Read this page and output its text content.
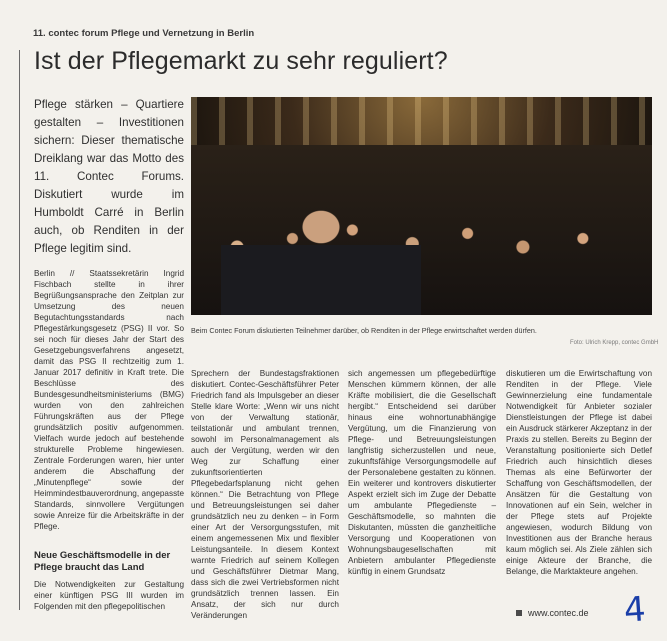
11. contec forum Pflege und Vernetzung in Berlin
Ist der Pflegemarkt zu sehr reguliert?
Pflege stärken – Quartiere gestalten – Investitionen sichern: Dieser thematische Dreiklang war das Motto des 11. Contec Forums. Diskutiert wurde im Humboldt Carré in Berlin auch, ob Renditen in der Pflege legitim sind.
Beim Contec Forum diskutierten Teilnehmer darüber, ob Renditen in der Pflege erwirtschaftet werden dürfen.
Foto: Ulrich Krepp, contec GmbH
Berlin // Staatssekretärin Ingrid Fischbach stellte in ihrer Begrüßungsansprache den Zeitplan zur Umsetzung des neuen Begutachtungsstandards nach Pflegestärkungsgesetz (PSG) II vor. So sei noch für dieses Jahr der Start des Gesetzgebungsverfahrens angesetzt, damit das PSG II rechtzeitig zum 1. Januar 2017 definitiv in Kraft trete. Die Beschlüsse des Bundesgesundheitsministeriums (BMG) wurden von den zahlreichen Führungskräften aus der Pflege grundsätzlich positiv aufgenommen. Vielfach wurde jedoch auf bestehende strukturelle Probleme hingewiesen. Zentrale Forderungen waren, hier unter anderem die Abschaffung der „Minutenpflege“ sowie der Heimmindestbauverordnung, angepasste Standards, sinnvollere Vergütungen sowie Anreize für die Arbeitskräfte in der Pflege.
Neue Geschäftsmodelle in der Pflege braucht das Land
Die Notwendigkeiten zur Gestaltung einer künftigen PSG III wurden im Folgenden mit den pflegepolitischen
Sprechern der Bundestagsfraktionen diskutiert. Contec-Geschäftsführer Peter Friedrich fand als Impulsgeber an dieser Stelle klare Worte: „Wenn wir uns nicht von der Verwaltung stationär, teilstationär und ambulant trennen, sowohl im Personalmanagement als auch der Vergütung, werden wir den Weg zur Schaffung einer zukunftsorientierten Pflegebedarfsplanung nicht gehen können.“ Die Betrachtung von Pflege und Betreuungsleistungen sei daher grundsätzlich neu zu denken – in Form einer Art der Versorgungsstufen, mit einem angemessenen Mix und flexibler Leistungsanteile. In diesem Kontext warnte Friedrich auf seinem Kollegen und Geschäftsführer Dietmar Mang, dass sich die zwei Vertriebsformen nicht grundsätzlich trennen lassen. Ein Ansatz, der sich nur durch Veränderungen
sich angemessen um pflegebedürftige Menschen kümmern können, der alle Kräfte mobilisiert, die die Gesellschaft hergibt.“ Entscheidend sei darüber hinaus eine wohnortunabhängige Vergütung, um die Finanzierung von Pflege- und Betreuungsleistungen langfristig sicherzustellen und neue, zukunftsfähige Versorgungsmodelle auf der Personalebene gestalten zu können. Ein weiterer und kontrovers diskutierter Aspekt erzielt sich im Zuge der Debatte um ambulante Pflegedienste – Geschäftsmodelle, so mahnten die Diskutanten, müssten die ganzheitliche Versorgung und Kooperationen von Wohnungsbaugesellschaften mit Anbietern ambulanter Pflegedienste künftig in einem Grundsatz
diskutieren um die Erwirtschaftung von Renditen in der Pflege. Viele Gewinnerzielung eine fundamentale Notwendigkeit für Anbieter sozialer Dienstleistungen der Pflege ist dabei ein Ausdruck stärkerer Akzeptanz in der Praxis zu stellen. Bereits zu Beginn der Veranstaltung positionierte sich Detlef Friedrich auch hinsichtlich dieses Themas als eine Befürworter der Schaffung von Geschäftsmodellen, der Ansätzen für die Gestaltung von Innovationen auf ein Sein, welcher in der Pflege stets auf Projekte angewiesen, wodurch Bildung von Investitionen aus der Branche heraus kaum möglich sei. Als Ziele zählen sich einige Akteure der Branche, die Belange, die Marktakteure angehen.
www.contec.de 4
